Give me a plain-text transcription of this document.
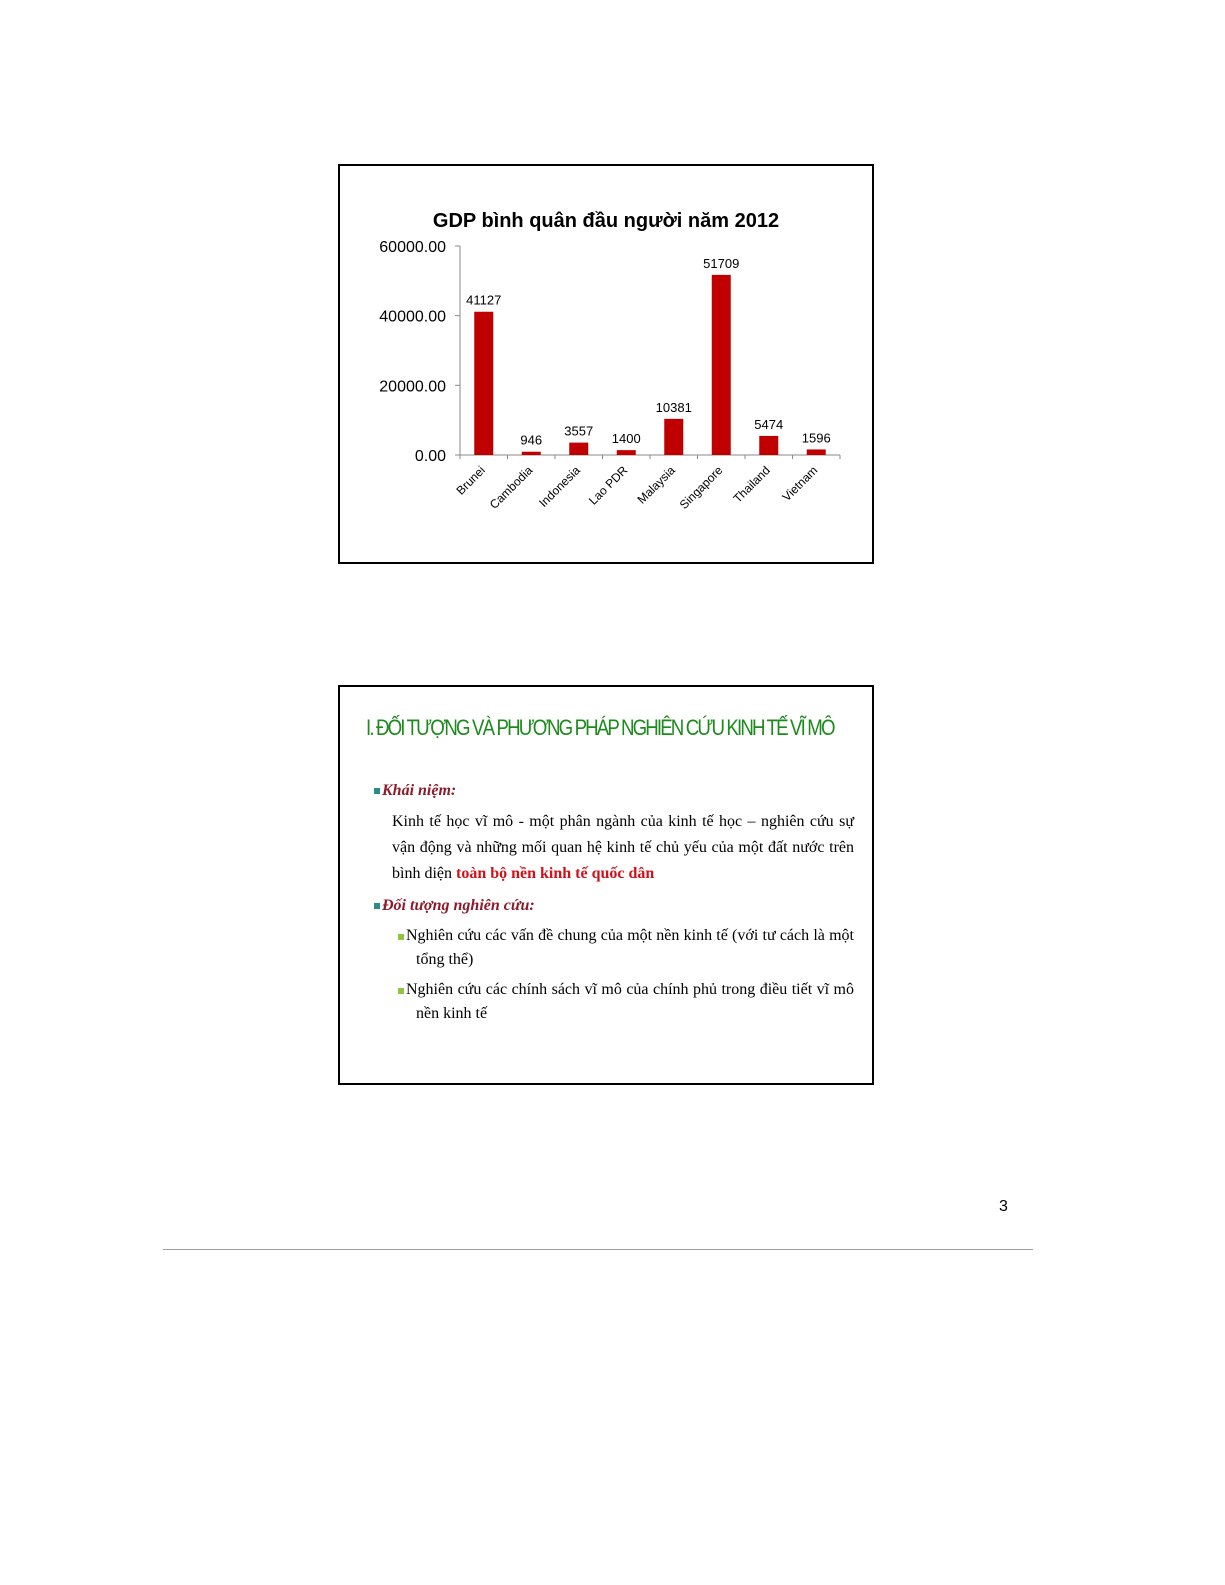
GDP bình quân đầu người năm 2012
0.00
20000.00
40000.00
60000.00
41127
Brunei
946
Cambodia
3557
Indonesia
1400
Lao PDR
10381
Malaysia
51709
Singapore
5474
Thailand
1596
Vietnam
I. ĐỐI TƯỢNG VÀ PHƯƠNG PHÁP NGHIÊN CỨU KINH TẾ VĨ MÔ

Khái niệm:

Kinh tế học vĩ mô - một phân ngành của kinh tế học – nghiên cứu sự vận động và những mối quan hệ kinh tế chủ yếu của một đất nước trên bình diện toàn bộ nền kinh tế quốc dân

Đối tượng nghiên cứu:

Nghiên cứu các vấn đề chung của một nền kinh tế (với tư cách là một tổng thể)

Nghiên cứu các chính sách vĩ mô của chính phủ trong điều tiết vĩ mô nền kinh tế

3
